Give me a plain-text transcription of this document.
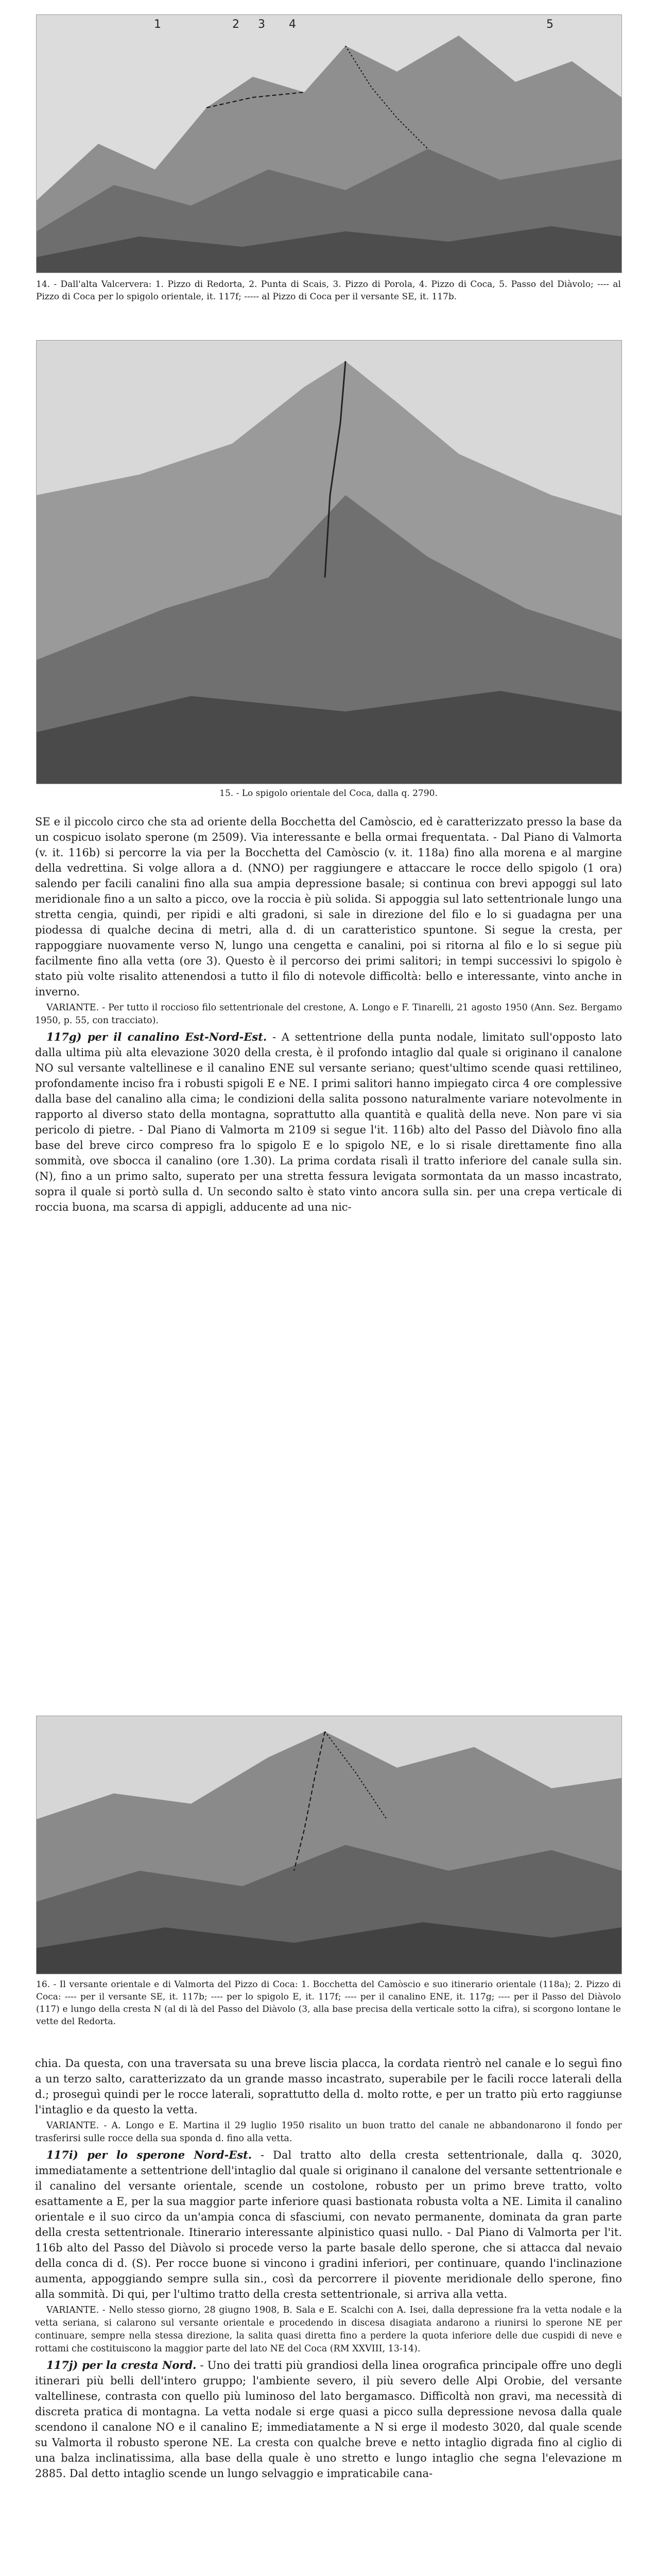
1	2 3 4	5
14. - Dall'alta Valcervera: 1. Pizzo di Redorta, 2. Punta di Scais, 3. Pizzo di Porola, 4. Pizzo di Coca, 5. Passo del Diàvolo; ---- al Pizzo di Coca per lo spigolo orientale, it. 117f; ----- al Pizzo di Coca per il versante SE, it. 117b.
15. - Lo spigolo orientale del Coca, dalla q. 2790.

SE e il piccolo circo che sta ad oriente della Bocchetta del Camòscio, ed è caratterizzato presso la base da un cospicuo isolato sperone (m 2509). Via interessante e bella ormai frequentata. - Dal Piano di Valmorta (v. it. 116b) si percorre la via per la Bocchetta del Camòscio (v. it. 118a) fino alla morena e al margine della vedrettina. Si volge allora a d. (NNO) per raggiungere e attaccare le rocce dello spigolo (1 ora) salendo per facili canalini fino alla sua ampia depressione basale; si continua con brevi appoggi sul lato meridionale fino a un salto a picco, ove la roccia è più solida. Si appoggia sul lato settentrionale lungo una stretta cengia, quindi, per ripidi e alti gradoni, si sale in direzione del filo e lo si guadagna per una piodessa di qualche decina di metri, alla d. di un caratteristico spuntone. Si segue la cresta, per rappoggiare nuovamente verso N, lungo una cengetta e canalini, poi si ritorna al filo e lo si segue più facilmente fino alla vetta (ore 3). Questo è il percorso dei primi salitori; in tempi successivi lo spigolo è stato più volte risalito attenendosi a tutto il filo di notevole difficoltà: bello e interessante, vinto anche in inverno.

VARIANTE. - Per tutto il roccioso filo settentrionale del crestone, A. Longo e F. Tinarelli, 21 agosto 1950 (Ann. Sez. Bergamo 1950, p. 55, con tracciato).

117g) per il canalino Est-Nord-Est. - A settentrione della punta nodale, limitato sull'opposto lato dalla ultima più alta elevazione 3020 della cresta, è il profondo intaglio dal quale si originano il canalone NO sul versante valtellinese e il canalino ENE sul versante seriano; quest'ultimo scende quasi rettilineo, profondamente inciso fra i robusti spigoli E e NE. I primi salitori hanno impiegato circa 4 ore complessive dalla base del canalino alla cima; le condizioni della salita possono naturalmente variare notevolmente in rapporto al diverso stato della montagna, soprattutto alla quantità e qualità della neve. Non pare vi sia pericolo di pietre. - Dal Piano di Valmorta m 2109 si segue l'it. 116b) alto del Passo del Diàvolo fino alla base del breve circo compreso fra lo spigolo E e lo spigolo NE, e lo si risale direttamente fino alla sommità, ove sbocca il canalino (ore 1.30). La prima cordata risalì il tratto inferiore del canale sulla sin. (N), fino a un primo salto, superato per una stretta fessura levigata sormontata da un masso incastrato, sopra il quale si portò sulla d. Un secondo salto è stato vinto ancora sulla sin. per una crepa verticale di roccia buona, ma scarsa di appigli, adducente ad una nic-

16. - Il versante orientale e di Valmorta del Pizzo di Coca: 1. Bocchetta del Camòscio e suo itinerario orientale (118a); 2. Pizzo di Coca: ---- per il versante SE, it. 117b; ---- per lo spigolo E, it. 117f; ---- per il canalino ENE, it. 117g; ---- per il Passo del Diàvolo (117) e lungo della cresta N (al di là del Passo del Diàvolo (3, alla base precisa della verticale sotto la cifra), si scorgono lontane le vette del Redorta.

chia. Da questa, con una traversata su una breve liscia placca, la cordata rientrò nel canale e lo seguì fino a un terzo salto, caratterizzato da un grande masso incastrato, superabile per le facili rocce laterali della d.; proseguì quindi per le rocce laterali, soprattutto della d. molto rotte, e per un tratto più erto raggiunse l'intaglio e da questo la vetta.

VARIANTE. - A. Longo e E. Martina il 29 luglio 1950 risalito un buon tratto del canale ne abbandonarono il fondo per trasferirsi sulle rocce della sua sponda d. fino alla vetta.

117i) per lo sperone Nord-Est. - Dal tratto alto della cresta settentrionale, dalla q. 3020, immediatamente a settentrione dell'intaglio dal quale si originano il canalone del versante settentrionale e il canalino del versante orientale, scende un costolone, robusto per un primo breve tratto, volto esattamente a E, per la sua maggior parte inferiore quasi bastionata robusta volta a NE. Limita il canalino orientale e il suo circo da un'ampia conca di sfasciumi, con nevato permanente, dominata da gran parte della cresta settentrionale. Itinerario interessante alpinistico quasi nullo. - Dal Piano di Valmorta per l'it. 116b alto del Passo del Diàvolo si procede verso la parte basale dello sperone, che si attacca dal nevaio della conca di d. (S). Per rocce buone si vincono i gradini inferiori, per continuare, quando l'inclinazione aumenta, appoggiando sempre sulla sin., così da percorrere il piovente meridionale dello sperone, fino alla sommità. Di qui, per l'ultimo tratto della cresta settentrionale, si arriva alla vetta.

VARIANTE. - Nello stesso giorno, 28 giugno 1908, B. Sala e E. Scalchi con A. Isei, dalla depressione fra la vetta nodale e la vetta seriana, si calarono sul versante orientale e procedendo in discesa disagiata andarono a riunirsi lo sperone NE per continuare, sempre nella stessa direzione, la salita quasi diretta fino a perdere la quota inferiore delle due cuspidi di neve e rottami che costituiscono la maggior parte del lato NE del Coca (RM XXVIII, 13-14).

117j) per la cresta Nord. - Uno dei tratti più grandiosi della linea orografica principale offre uno degli itinerari più belli dell'intero gruppo; l'ambiente severo, il più severo delle Alpi Orobie, del versante valtellinese, contrasta con quello più luminoso del lato bergamasco. Difficoltà non gravi, ma necessità di discreta pratica di montagna. La vetta nodale si erge quasi a picco sulla depressione nevosa dalla quale scendono il canalone NO e il canalino E; immediatamente a N si erge il modesto 3020, dal quale scende su Valmorta il robusto sperone NE. La cresta con qualche breve e netto intaglio digrada fino al ciglio di una balza inclinatissima, alla base della quale è uno stretto e lungo intaglio che segna l'elevazione m 2885. Dal detto intaglio scende un lungo selvaggio e impraticabile cana-
